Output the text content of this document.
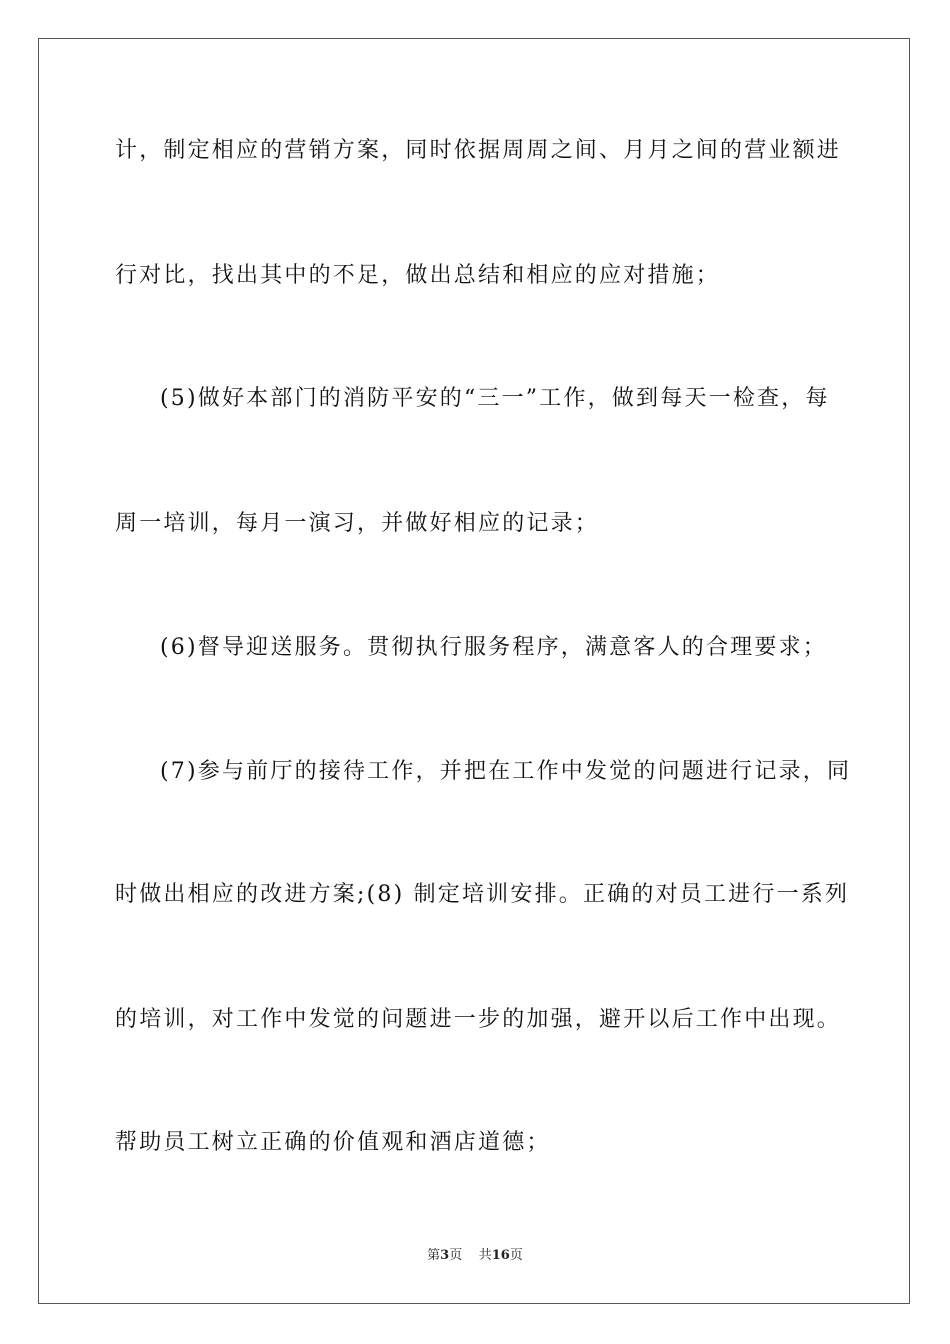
计，制定相应的营销方案，同时依据周周之间、月月之间的营业额进
行对比，找出其中的不足，做出总结和相应的应对措施；
(5)做好本部门的消防平安的“三一”工作，做到每天一检查，每
周一培训，每月一演习，并做好相应的记录；
(6)督导迎送服务。贯彻执行服务程序，满意客人的合理要求；
(7)参与前厅的接待工作，并把在工作中发觉的问题进行记录，同
时做出相应的改进方案;(8) 制定培训安排。正确的对员工进行一系列
的培训，对工作中发觉的问题进一步的加强，避开以后工作中出现。
帮助员工树立正确的价值观和酒店道德；
第3页 共16页
